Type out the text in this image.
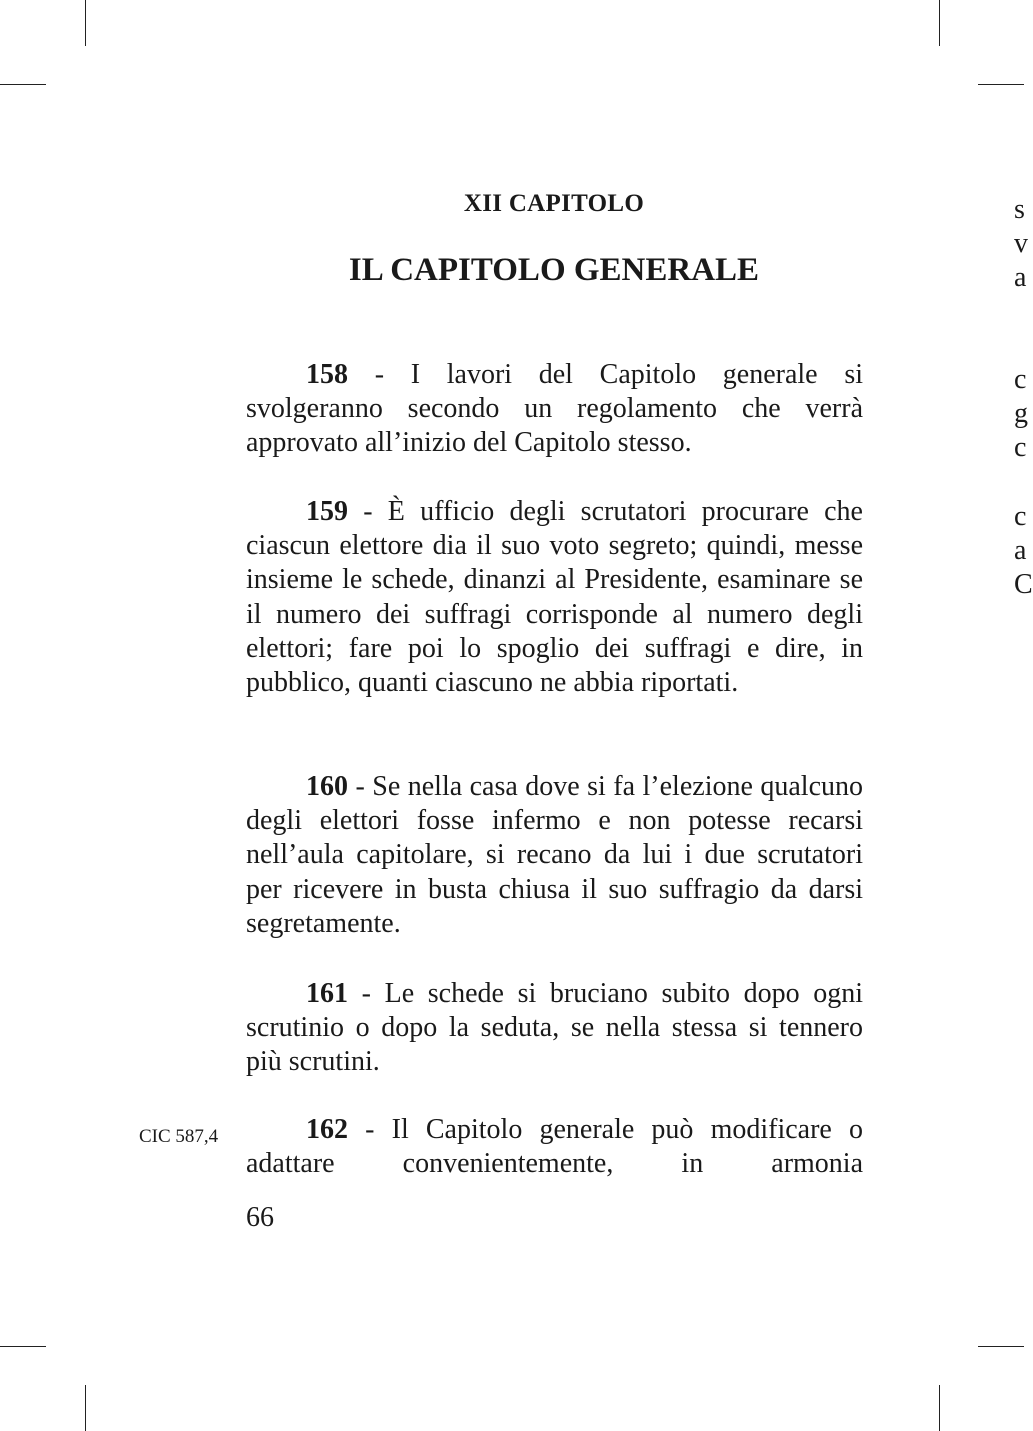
XII CAPITOLO
IL CAPITOLO GENERALE

158 - I lavori del Capitolo generale si svolgeranno secondo un regolamento che verrà approvato all’inizio del Capitolo stesso.

159 - È ufficio degli scrutatori procurare che ciascun elettore dia il suo voto segreto; quindi, messe insieme le schede, dinanzi al Presidente, esaminare se il numero dei suffragi corrisponde al numero degli elettori; fare poi lo spoglio dei suffragi e dire, in pubblico, quanti ciascuno ne abbia riportati.

160 - Se nella casa dove si fa l’elezione qualcuno degli elettori fosse infermo e non potesse recarsi nell’aula capitolare, si recano da lui i due scrutatori per ricevere in busta chiusa il suo suffragio da darsi segretamente.

161 - Le schede si bruciano subito dopo ogni scrutinio o dopo la seduta, se nella stessa si tennero più scrutini.

162 - Il Capitolo generale può modificare o adattare convenientemente, in armonia

CIC 587,4
66
s
v
a
c
g
c
c
a
C
